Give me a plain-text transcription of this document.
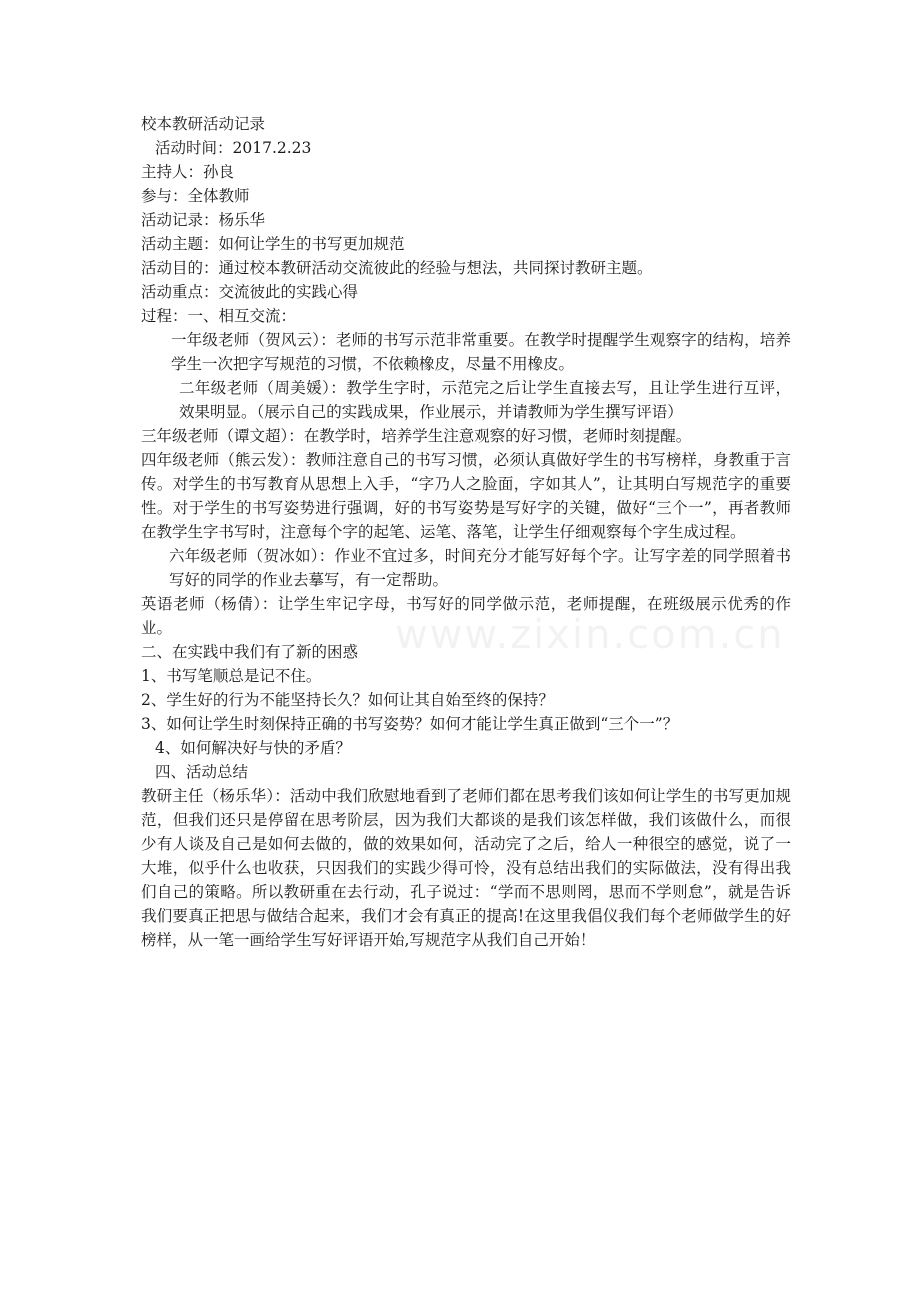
www.zixin.com.cn
校本教研活动记录
活动时间：2017.2.23
主持人：孙良
参与：全体教师
活动记录：杨乐华
活动主题：如何让学生的书写更加规范
活动目的：通过校本教研活动交流彼此的经验与想法，共同探讨教研主题。
活动重点：交流彼此的实践心得
过程：一、相互交流：

一年级老师（贺风云）：老师的书写示范非常重要。在教学时提醒学生观察字的结构，培养学生一次把字写规范的习惯，不依赖橡皮，尽量不用橡皮。

二年级老师（周美媛）：教学生字时，示范完之后让学生直接去写，且让学生进行互评，效果明显。（展示自己的实践成果，作业展示，并请教师为学生撰写评语）

三年级老师（谭文超）：在教学时，培养学生注意观察的好习惯，老师时刻提醒。

四年级老师（熊云发）：教师注意自己的书写习惯，必须认真做好学生的书写榜样，身教重于言传。对学生的书写教育从思想上入手，“字乃人之脸面，字如其人”，让其明白写规范字的重要性。对于学生的书写姿势进行强调，好的书写姿势是写好字的关键，做好“三个一”，再者教师在教学生字书写时，注意每个字的起笔、运笔、落笔，让学生仔细观察每个字生成过程。

六年级老师（贺冰如）：作业不宜过多，时间充分才能写好每个字。让写字差的同学照着书写好的同学的作业去摹写，有一定帮助。

英语老师（杨倩）：让学生牢记字母，书写好的同学做示范，老师提醒，在班级展示优秀的作业。

二、在实践中我们有了新的困惑
1、书写笔顺总是记不住。
2、学生好的行为不能坚持长久？如何让其自始至终的保持？

3、如何让学生时刻保持正确的书写姿势？如何才能让学生真正做到“三个一”？

4、如何解决好与快的矛盾？
四、活动总结

教研主任（杨乐华）：活动中我们欣慰地看到了老师们都在思考我们该如何让学生的书写更加规范，但我们还只是停留在思考阶层，因为我们大都谈的是我们该怎样做，我们该做什么，而很少有人谈及自己是如何去做的，做的效果如何，活动完了之后，给人一种很空的感觉，说了一大堆，似乎什么也收获，只因我们的实践少得可怜，没有总结出我们的实际做法，没有得出我们自己的策略。所以教研重在去行动，孔子说过：“学而不思则罔，思而不学则怠”，就是告诉我们要真正把思与做结合起来，我们才会有真正的提高!在这里我倡仪我们每个老师做学生的好榜样，从一笔一画给学生写好评语开始,写规范字从我们自己开始！
